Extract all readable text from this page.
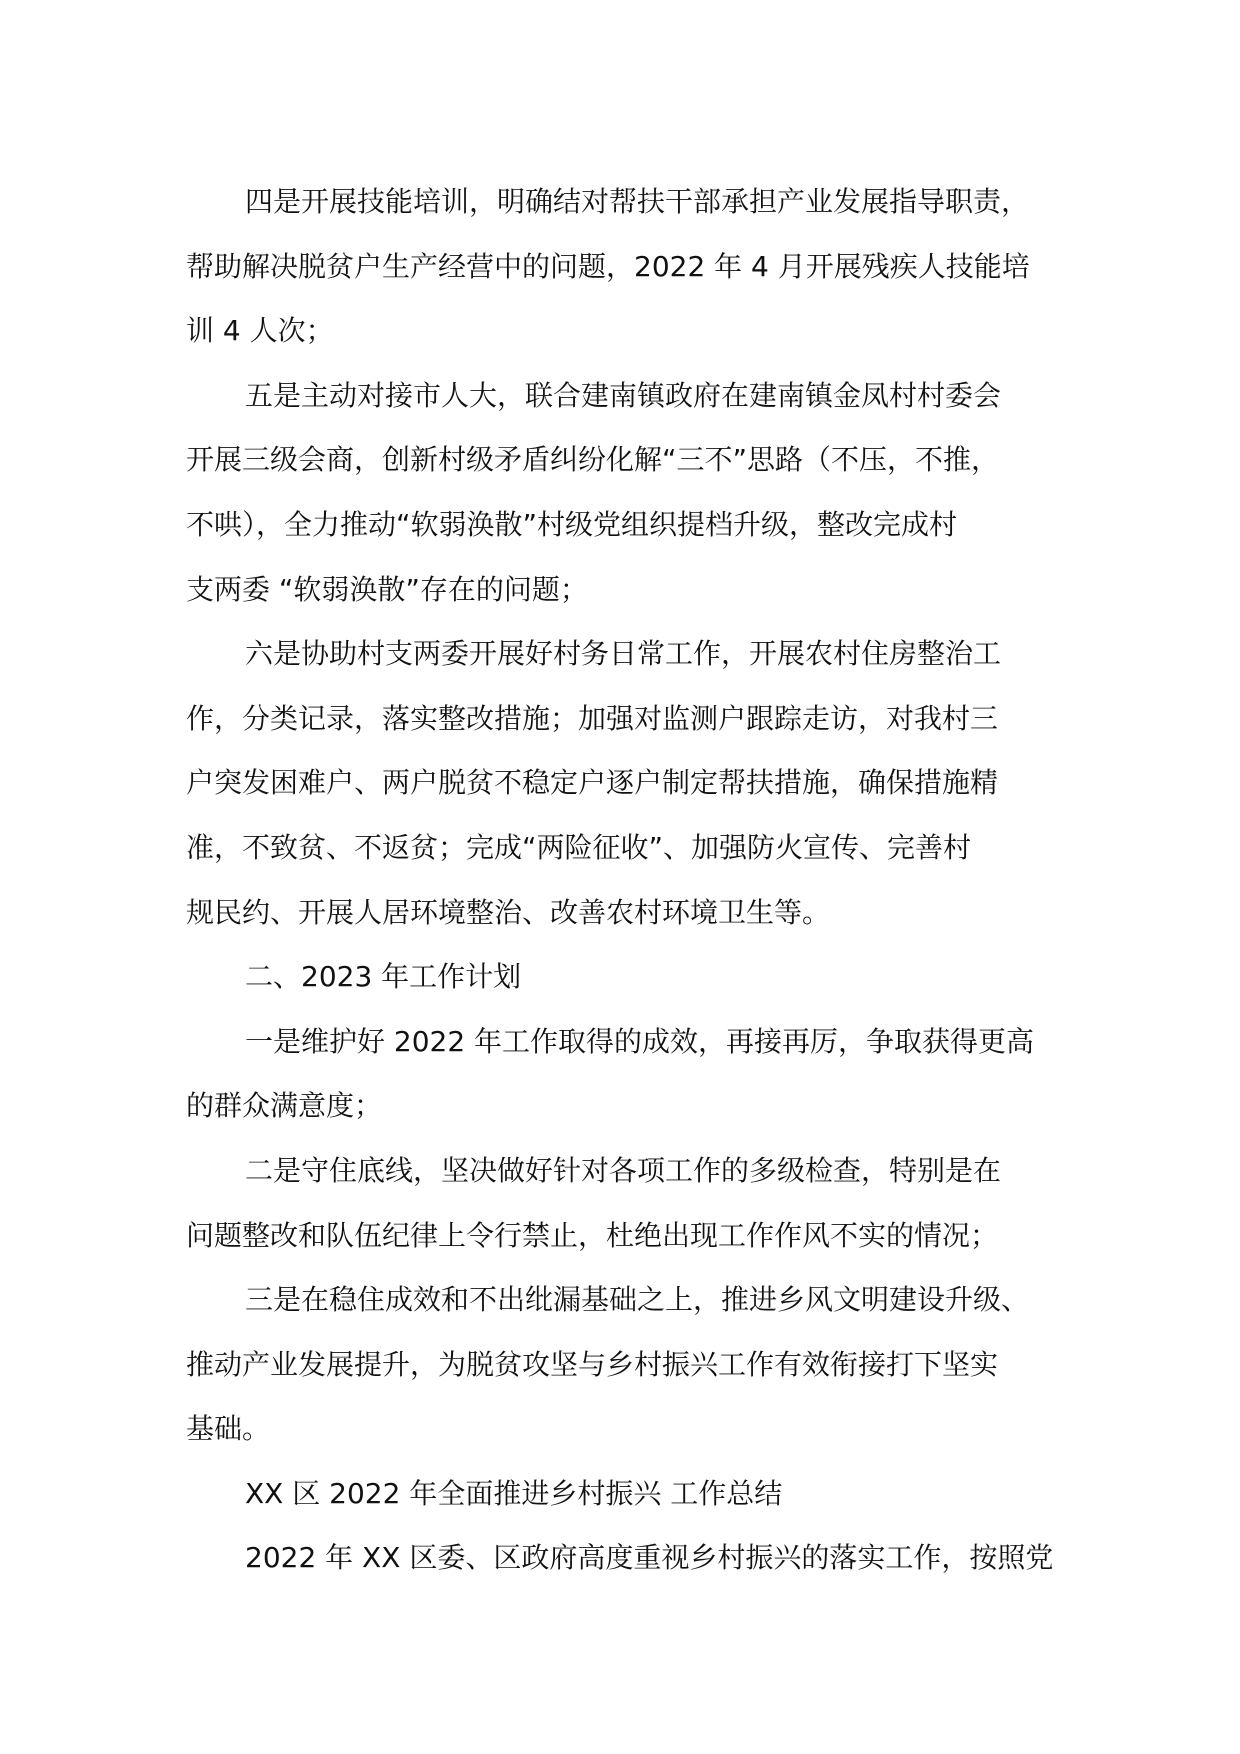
四是开展技能培训，明确结对帮扶干部承担产业发展指导职责，
帮助解决脱贫户生产经营中的问题，2022 年 4 月开展残疾人技能培
训 4 人次；
五是主动对接市人大，联合建南镇政府在建南镇金凤村村委会
开展三级会商，创新村级矛盾纠纷化解“三不”思路（不压，不推，
不哄），全力推动“软弱涣散”村级党组织提档升级，整改完成村
支两委 “软弱涣散”存在的问题；
六是协助村支两委开展好村务日常工作，开展农村住房整治工
作，分类记录，落实整改措施；加强对监测户跟踪走访，对我村三
户突发困难户、两户脱贫不稳定户逐户制定帮扶措施，确保措施精
准，不致贫、不返贫；完成“两险征收”、加强防火宣传、完善村
规民约、开展人居环境整治、改善农村环境卫生等。
二、2023 年工作计划
一是维护好 2022 年工作取得的成效，再接再厉，争取获得更高
的群众满意度；
二是守住底线，坚决做好针对各项工作的多级检查，特别是在
问题整改和队伍纪律上令行禁止，杜绝出现工作作风不实的情况；
三是在稳住成效和不出纰漏基础之上，推进乡风文明建设升级、
推动产业发展提升，为脱贫攻坚与乡村振兴工作有效衔接打下坚实
基础。
XX 区 2022 年全面推进乡村振兴 工作总结
2022 年 XX 区委、区政府高度重视乡村振兴的落实工作，按照党
